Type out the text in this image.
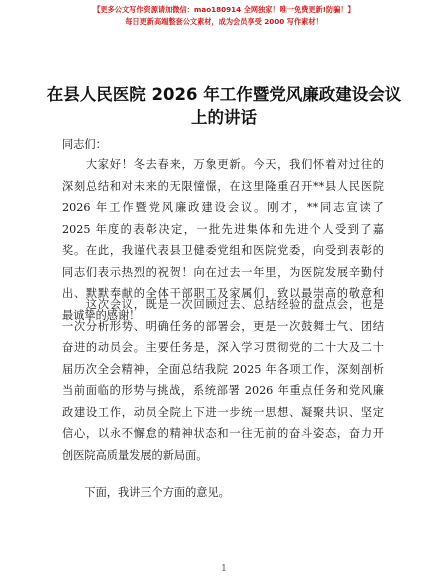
【更多公文写作资源请加微信：mao180914 全网独家！唯一免费更新!防骗！】
每日更新高端整套公文素材，成为会员享受 2000 写作素材！
在县人民医院 2026 年工作暨党风廉政建设会议
上的讲话
同志们：
　　大家好！冬去春来，万象更新。今天，我们怀着对过往的
深刻总结和对未来的无限憧憬，在这里隆重召开**县人民医院
2026 年工作暨党风廉政建设会议。刚才，**同志宣读了
2025 年度的表彰决定，一批先进集体和先进个人受到了嘉
奖。在此，我谨代表县卫健委党组和医院党委，向受到表彰的
同志们表示热烈的祝贺！向在过去一年里，为医院发展辛勤付
出、默默奉献的全体干部职工及家属们，致以最崇高的敬意和
最诚挚的感谢！
　　这次会议，既是一次回顾过去、总结经验的盘点会，也是
一次分析形势、明确任务的部署会，更是一次鼓舞士气、团结
奋进的动员会。主要任务是，深入学习贯彻党的二十大及二十
届历次全会精神，全面总结我院 2025 年各项工作，深刻剖析
当前面临的形势与挑战，系统部署 2026 年重点任务和党风廉
政建设工作，动员全院上下进一步统一思想、凝聚共识、坚定
信心，以永不懈怠的精神状态和一往无前的奋斗姿态，奋力开
创医院高质量发展的新局面。
　　下面，我讲三个方面的意见。
1
